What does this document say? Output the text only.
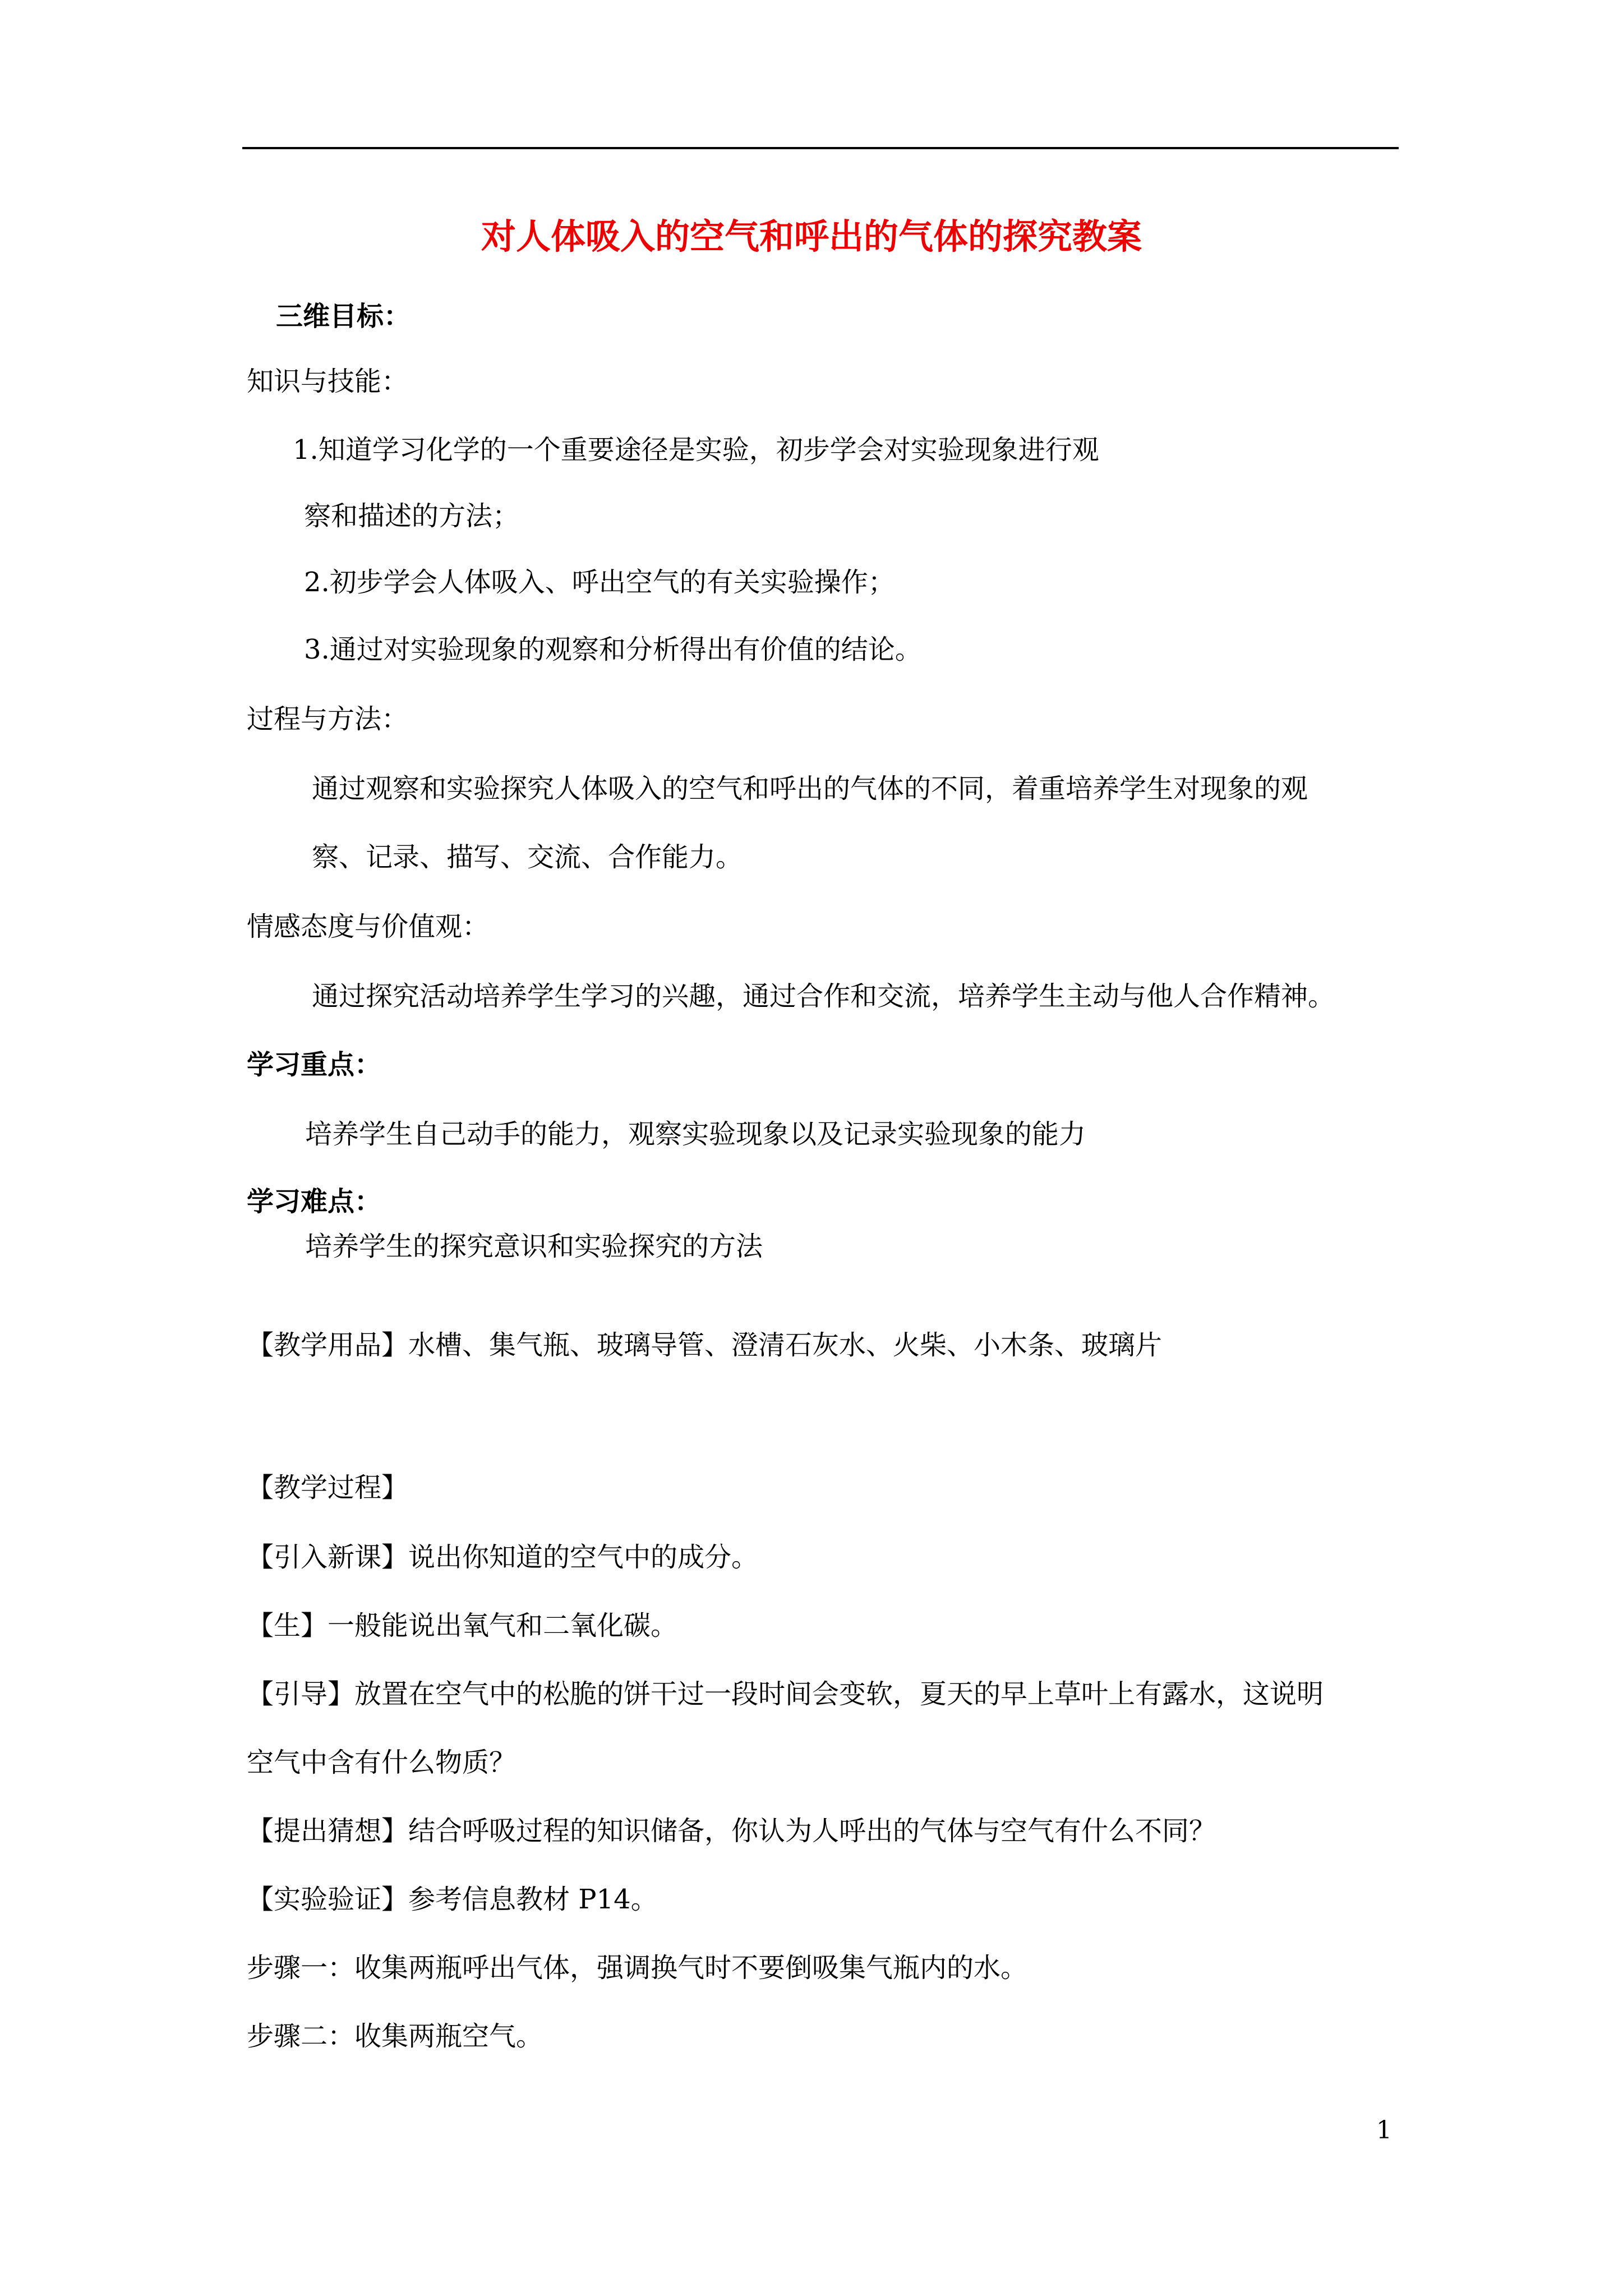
对人体吸入的空气和呼出的气体的探究教案
三维目标：
知识与技能：
1.知道学习化学的一个重要途径是实验，初步学会对实验现象进行观
察和描述的方法；
2.初步学会人体吸入、呼出空气的有关实验操作；
3.通过对实验现象的观察和分析得出有价值的结论。
过程与方法：
通过观察和实验探究人体吸入的空气和呼出的气体的不同，着重培养学生对现象的观
察、记录、描写、交流、合作能力。
情感态度与价值观：
通过探究活动培养学生学习的兴趣，通过合作和交流，培养学生主动与他人合作精神。
学习重点：
培养学生自己动手的能力，观察实验现象以及记录实验现象的能力
学习难点：
培养学生的探究意识和实验探究的方法
【教学用品】水槽、集气瓶、玻璃导管、澄清石灰水、火柴、小木条、玻璃片
【教学过程】
【引入新课】说出你知道的空气中的成分。
【生】一般能说出氧气和二氧化碳。
【引导】放置在空气中的松脆的饼干过一段时间会变软，夏天的早上草叶上有露水，这说明
空气中含有什么物质？
【提出猜想】结合呼吸过程的知识储备，你认为人呼出的气体与空气有什么不同？
【实验验证】参考信息教材 P14。
步骤一：收集两瓶呼出气体，强调换气时不要倒吸集气瓶内的水。
步骤二：收集两瓶空气。
1
